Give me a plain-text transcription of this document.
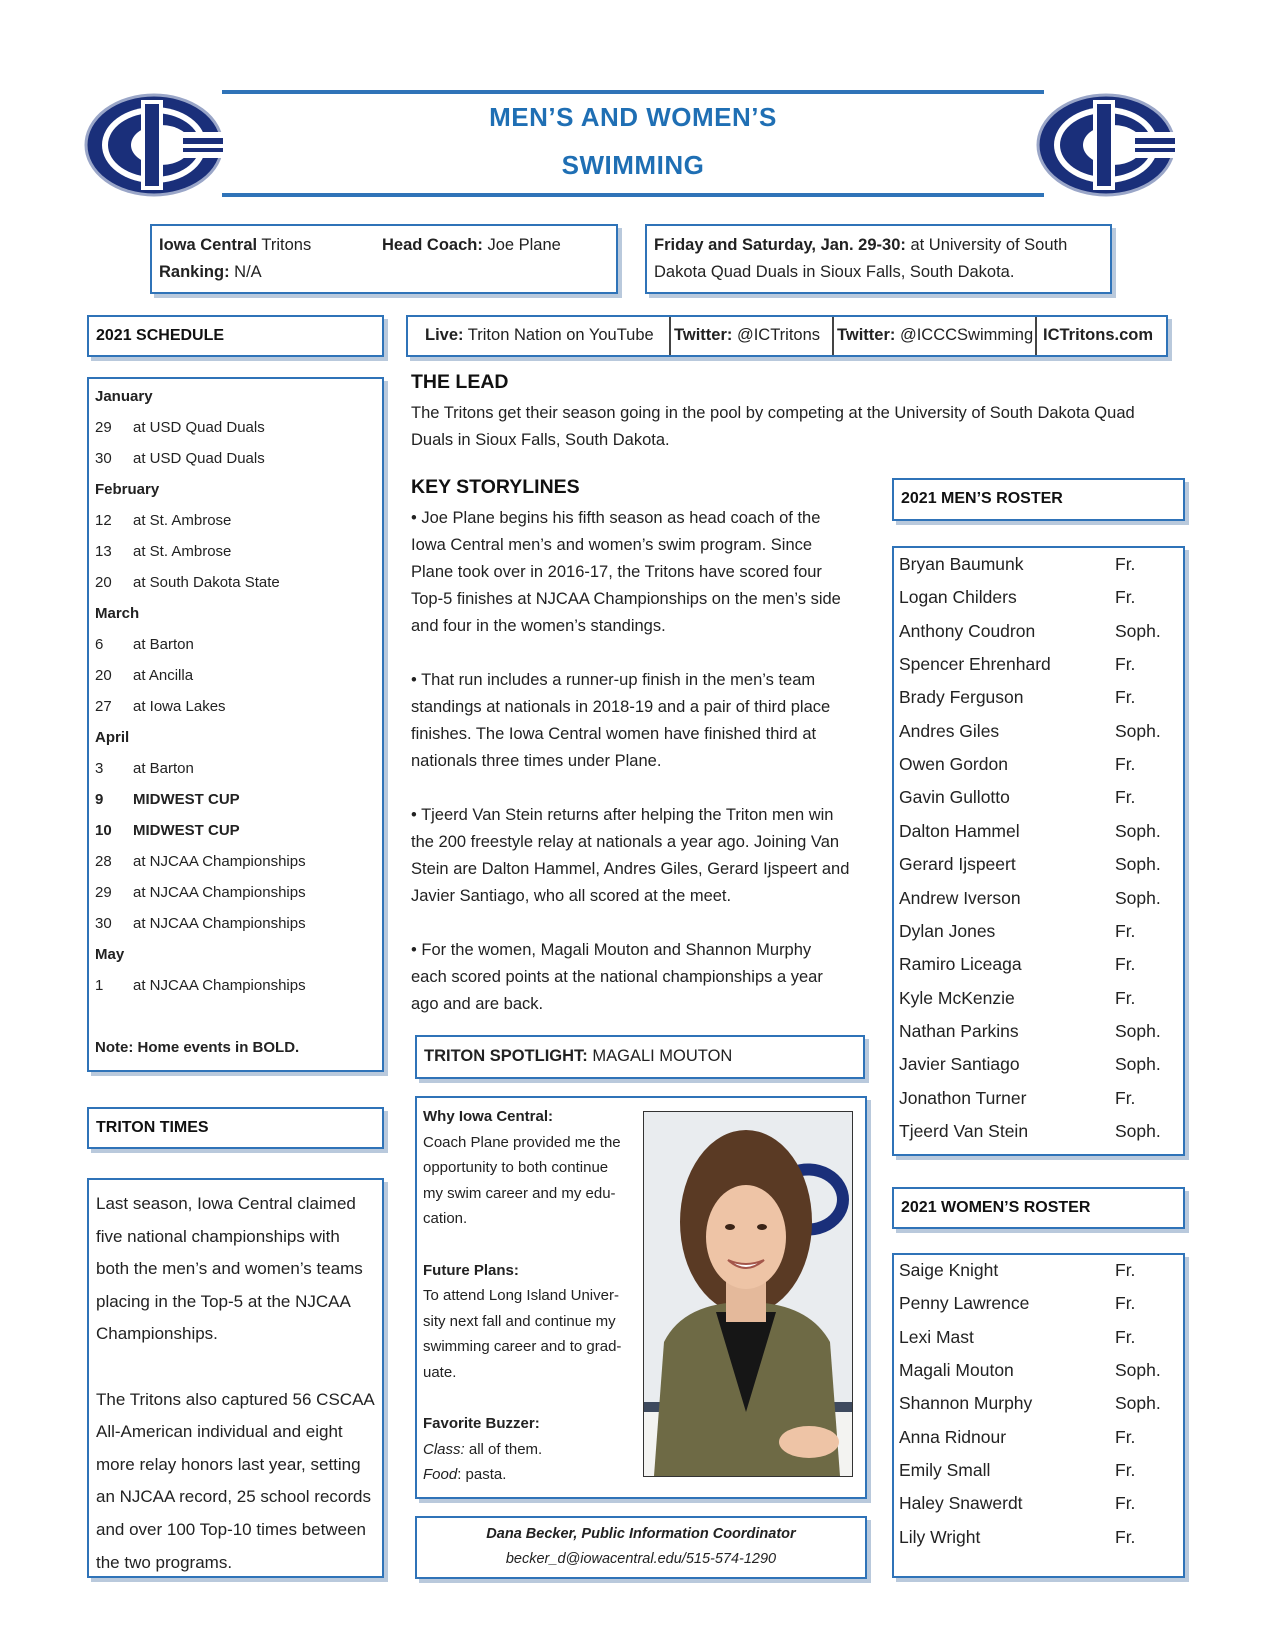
MEN’S AND WOMEN’S
SWIMMING
Iowa Central Tritons	Head Coach: Joe Plane
Ranking: N/A
Friday and Saturday, Jan. 29-30: at University of South
Dakota Quad Duals in Sioux Falls, South Dakota.
2021 SCHEDULE
January
29 at USD Quad Duals
30 at USD Quad Duals
February
12 at St. Ambrose
13 at St. Ambrose
20 at South Dakota State
March
6 at Barton
20 at Ancilla
27 at Iowa Lakes
April
3 at Barton
9 MIDWEST CUP
10 MIDWEST CUP
28 at NJCAA Championships
29 at NJCAA Championships
30 at NJCAA Championships
May
1 at NJCAA Championships
Note: Home events in BOLD.
TRITON TIMES
Last season, Iowa Central claimed
five national championships with
both the men’s and women’s teams
placing in the Top-5 at the NJCAA
Championships.
The Tritons also captured 56 CSCAA
All-American individual and eight
more relay honors last year, setting
an NJCAA record, 25 school records
and over 100 Top-10 times between
the two programs.
Live: Triton Nation on YouTube Twitter: @ICTritons Twitter: @ICCCSwimming ICTritons.com
THE LEAD
The Tritons get their season going in the pool by competing at the University of South Dakota Quad
Duals in Sioux Falls, South Dakota.
KEY STORYLINES
• Joe Plane begins his fifth season as head coach of the
Iowa Central men’s and women’s swim program. Since
Plane took over in 2016-17, the Tritons have scored four
Top-5 finishes at NJCAA Championships on the men’s side
and four in the women’s standings.
• That run includes a runner-up finish in the men’s team
standings at nationals in 2018-19 and a pair of third place
finishes. The Iowa Central women have finished third at
nationals three times under Plane.
• Tjeerd Van Stein returns after helping the Triton men win
the 200 freestyle relay at nationals a year ago. Joining Van
Stein are Dalton Hammel, Andres Giles, Gerard Ijspeert and
Javier Santiago, who all scored at the meet.
• For the women, Magali Mouton and Shannon Murphy
each scored points at the national championships a year
ago and are back.
TRITON SPOTLIGHT: MAGALI MOUTON
Why Iowa Central:
Coach Plane provided me the
opportunity to both continue
my swim career and my edu-
cation.
Future Plans:
To attend Long Island Univer-
sity next fall and continue my
swimming career and to grad-
uate.
Favorite Buzzer:
Class: all of them.
Food: pasta.
Dana Becker, Public Information Coordinator
becker_d@iowacentral.edu/515-574-1290
2021 MEN’S ROSTER
Bryan Baumunk	Fr.
Logan Childers	Fr.
Anthony Coudron	Soph.
Spencer Ehrenhard	Fr.
Brady Ferguson	Fr.
Andres Giles	Soph.
Owen Gordon	Fr.
Gavin Gullotto	Fr.
Dalton Hammel	Soph.
Gerard Ijspeert	Soph.
Andrew Iverson	Soph.
Dylan Jones	Fr.
Ramiro Liceaga	Fr.
Kyle McKenzie	Fr.
Nathan Parkins	Soph.
Javier Santiago	Soph.
Jonathon Turner	Fr.
Tjeerd Van Stein	Soph.
2021 WOMEN’S ROSTER
Saige Knight	Fr.
Penny Lawrence	Fr.
Lexi Mast	Fr.
Magali Mouton	Soph.
Shannon Murphy	Soph.
Anna Ridnour	Fr.
Emily Small	Fr.
Haley Snawerdt	Fr.
Lily Wright	Fr.
